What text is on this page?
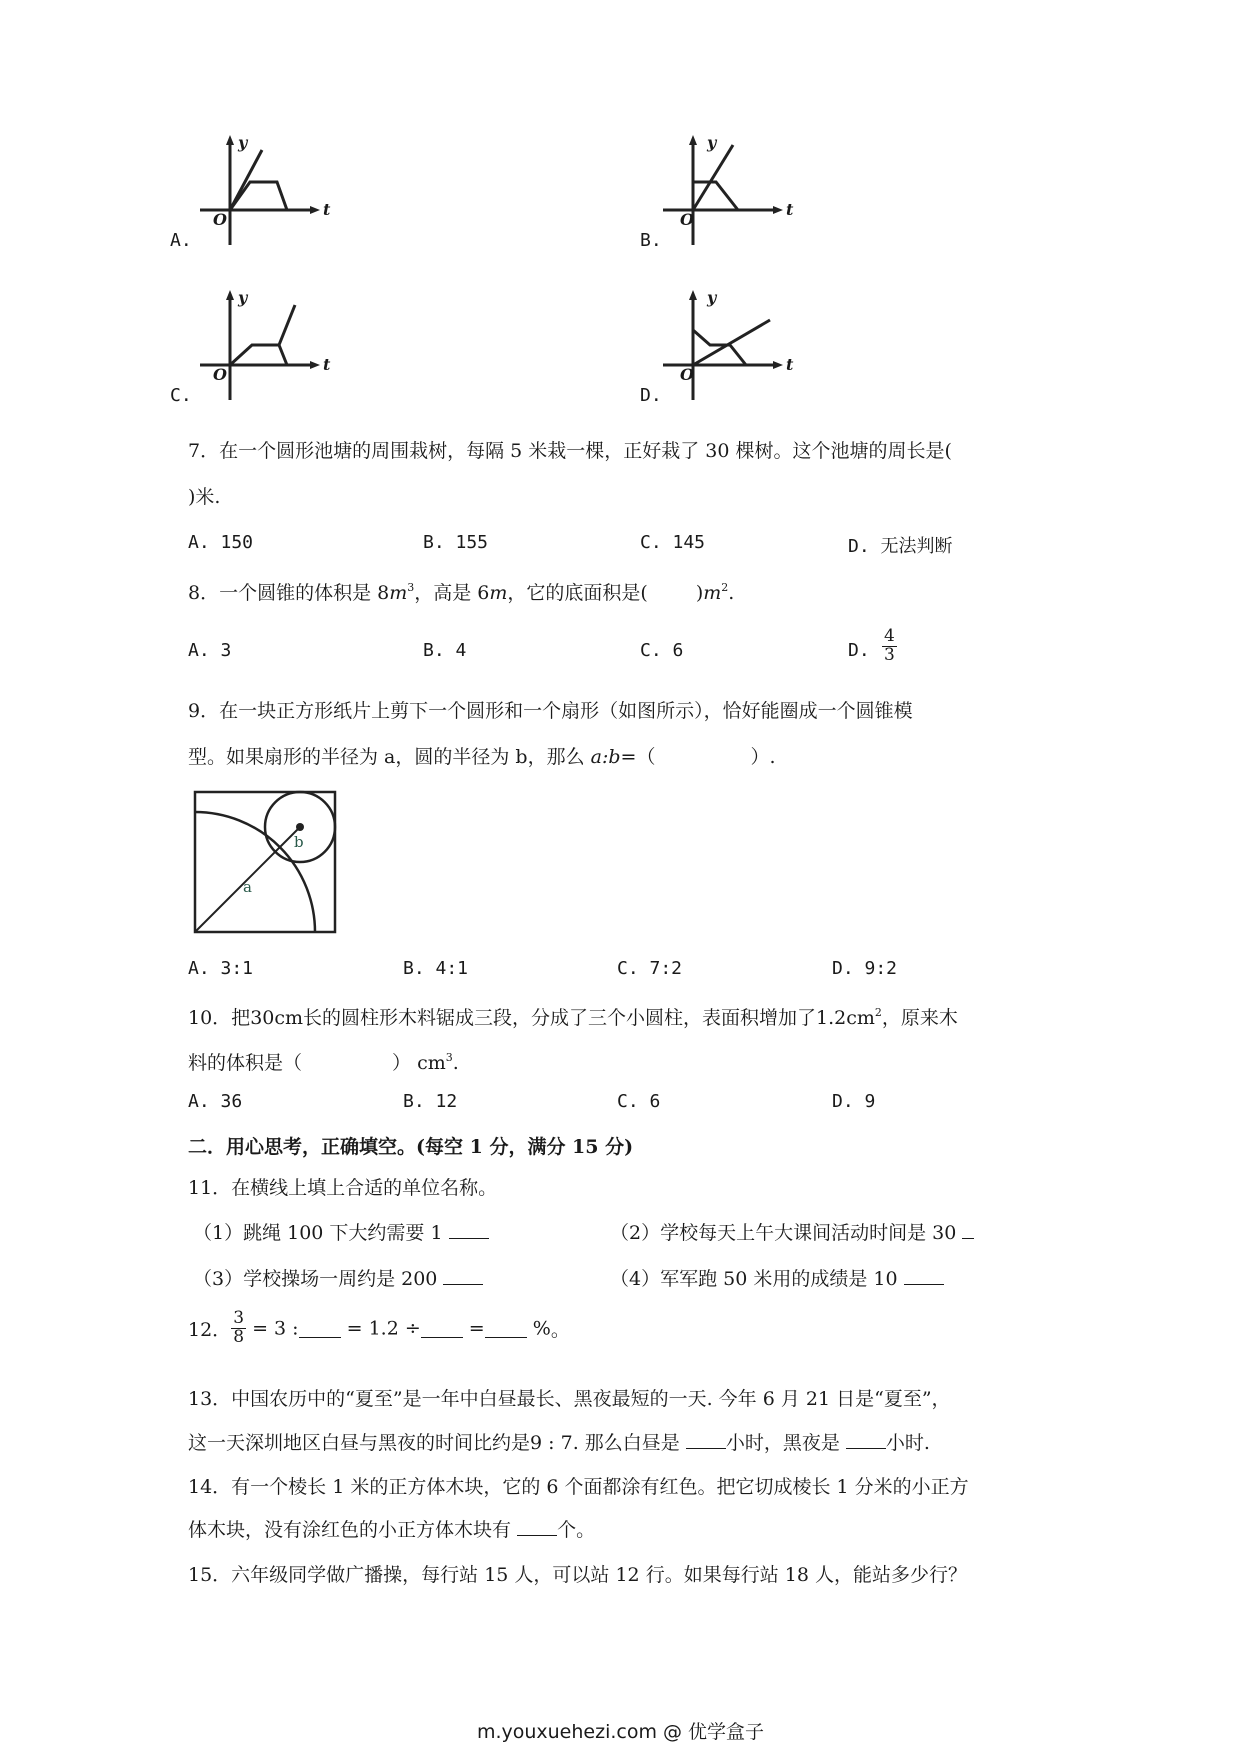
y
t
O
A.
y
t
O
B.
y
t
O
C.
y
t
O
D.
7．在一个圆形池塘的周围栽树，每隔 5 米栽一棵，正好栽了 30 棵树。这个池塘的周长是(
)米.
A. 150	B. 155	C. 145	D. 无法判断
8．一个圆锥的体积是 $8m^3$，高是 6m，它的底面积是(	)$m^2$.
A. 3	B. 4	C. 6	D. $\frac{4}{3}$
9．在一块正方形纸片上剪下一个圆形和一个扇形（如图所示），恰好能圈成一个圆锥模
型。如果扇形的半径为 a，圆的半径为 b，那么 a:b=（	）.
a
b
A. 3:1	B. 4:1	C. 7:2	D. 9:2
10．把30cm长的圆柱形木料锯成三段，分成了三个小圆柱，表面积增加了$1.2cm^2$，原来木
料的体积是（	） $cm^3$.
A. 36	B. 12	C. 6	D. 9
二．用心思考，正确填空。(每空 1 分，满分 15 分)
11．在横线上填上合适的单位名称。
（1）跳绳 100 下大约需要 1	（2）学校每天上午大课间活动时间是 30
（3）学校操场一周约是 200	（4）军军跑 50 米用的成绩是 10
12． $\frac{3}{8} = 3$ :	= 1.2 ÷	=	%。
13．中国农历中的“夏至”是一年中白昼最长、黑夜最短的一天. 今年 6 月 21 日是“夏至”，
这一天深圳地区白昼与黑夜的时间比约是9 : 7. 那么白昼是 小时，黑夜是 小时.
14．有一个棱长 1 米的正方体木块，它的 6 个面都涂有红色。把它切成棱长 1 分米的小正方
体木块，没有涂红色的小正方体木块有 个。
15．六年级同学做广播操，每行站 15 人，可以站 12 行。如果每行站 18 人，能站多少行？
m.youxuehezi.com @ 优学盒子
